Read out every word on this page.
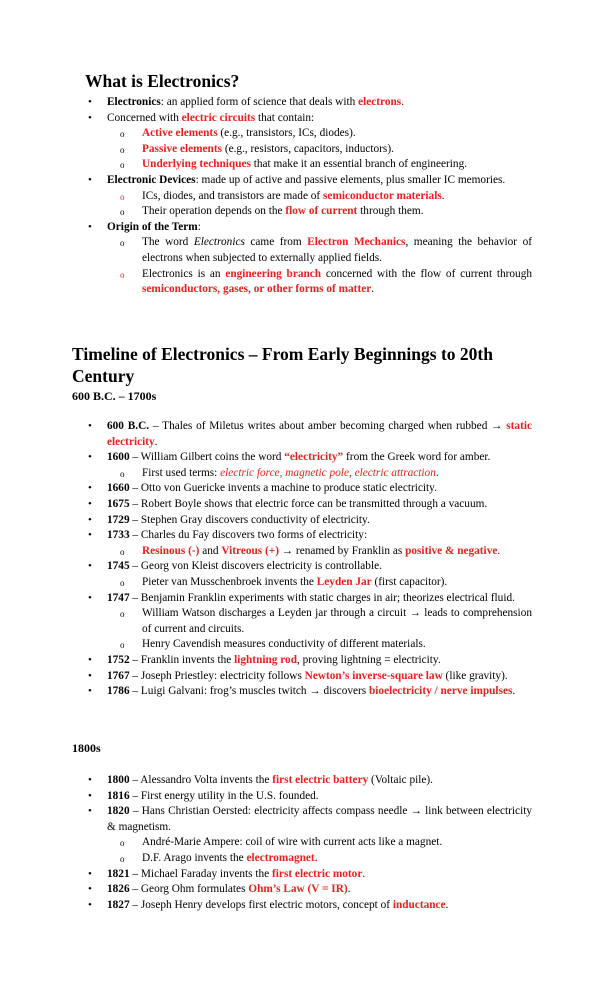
What is Electronics?
• Electronics: an applied form of science that deals with electrons.
• Concerned with electric circuits that contain:
o Active elements (e.g., transistors, ICs, diodes).
o Passive elements (e.g., resistors, capacitors, inductors).
o Underlying techniques that make it an essential branch of engineering.
• Electronic Devices: made up of active and passive elements, plus smaller IC memories.
o ICs, diodes, and transistors are made of semiconductor materials.
o Their operation depends on the flow of current through them.
• Origin of the Term:
o The word Electronics came from Electron Mechanics, meaning the behavior of electrons when subjected to externally applied fields.
o Electronics is an engineering branch concerned with the flow of current through semiconductors, gases, or other forms of matter.
Timeline of Electronics – From Early Beginnings to 20th Century
600 B.C. – 1700s
• 600 B.C. – Thales of Miletus writes about amber becoming charged when rubbed → static electricity.
• 1600 – William Gilbert coins the word “electricity” from the Greek word for amber.
o First used terms: electric force, magnetic pole, electric attraction.
• 1660 – Otto von Guericke invents a machine to produce static electricity.
• 1675 – Robert Boyle shows that electric force can be transmitted through a vacuum.
• 1729 – Stephen Gray discovers conductivity of electricity.
• 1733 – Charles du Fay discovers two forms of electricity:
o Resinous (-) and Vitreous (+) → renamed by Franklin as positive & negative.
• 1745 – Georg von Kleist discovers electricity is controllable.
o Pieter van Musschenbroek invents the Leyden Jar (first capacitor).
• 1747 – Benjamin Franklin experiments with static charges in air; theorizes electrical fluid.
o William Watson discharges a Leyden jar through a circuit → leads to comprehension of current and circuits.
o Henry Cavendish measures conductivity of different materials.
• 1752 – Franklin invents the lightning rod, proving lightning = electricity.
• 1767 – Joseph Priestley: electricity follows Newton’s inverse-square law (like gravity).
• 1786 – Luigi Galvani: frog’s muscles twitch → discovers bioelectricity / nerve impulses.
1800s
• 1800 – Alessandro Volta invents the first electric battery (Voltaic pile).
• 1816 – First energy utility in the U.S. founded.
• 1820 – Hans Christian Oersted: electricity affects compass needle → link between electricity & magnetism.
o André-Marie Ampere: coil of wire with current acts like a magnet.
o D.F. Arago invents the electromagnet.
• 1821 – Michael Faraday invents the first electric motor.
• 1826 – Georg Ohm formulates Ohm’s Law (V = IR).
• 1827 – Joseph Henry develops first electric motors, concept of inductance.
